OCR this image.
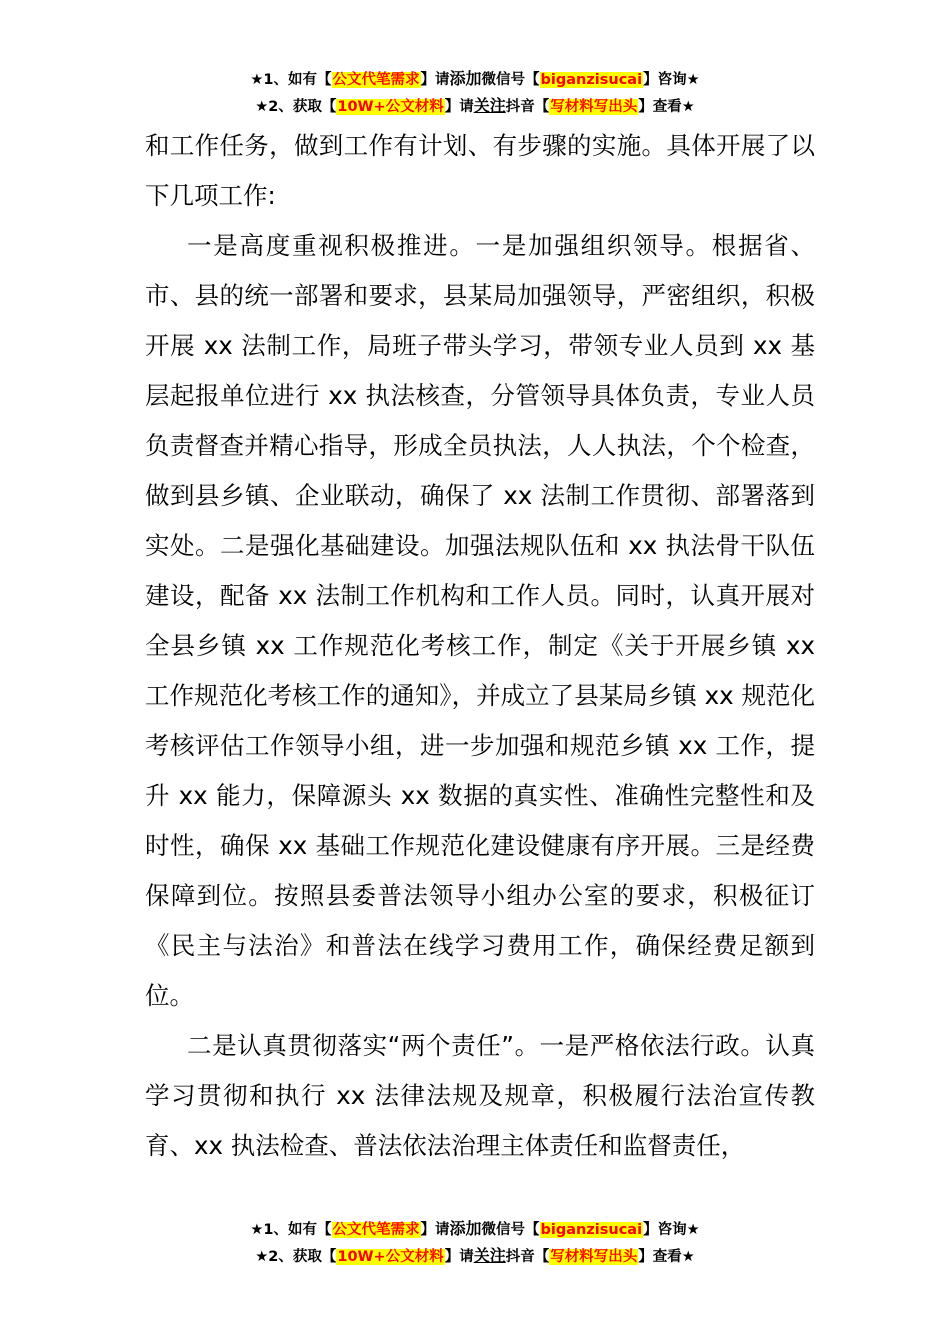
★1、如有【公文代笔需求】请添加微信号【biganzisucai】咨询★
★2、获取【10W+公文材料】请关注抖音【写材料写出头】查看★

和工作任务，做到工作有计划、有步骤的实施。具体开展了以下几项工作:

一是高度重视积极推进。一是加强组织领导。根据省、市、县的统一部署和要求，县某局加强领导，严密组织，积极开展 xx 法制工作，局班子带头学习，带领专业人员到 xx 基层起报单位进行 xx 执法核查，分管领导具体负责，专业人员负责督查并精心指导，形成全员执法，人人执法，个个检查，做到县乡镇、企业联动，确保了 xx 法制工作贯彻、部署落到实处。二是强化基础建设。加强法规队伍和 xx 执法骨干队伍建设，配备 xx 法制工作机构和工作人员。同时，认真开展对全县乡镇 xx 工作规范化考核工作，制定《关于开展乡镇 xx 工作规范化考核工作的通知》，并成立了县某局乡镇 xx 规范化考核评估工作领导小组，进一步加强和规范乡镇 xx 工作，提升 xx 能力，保障源头 xx 数据的真实性、准确性完整性和及时性，确保 xx 基础工作规范化建设健康有序开展。三是经费保障到位。按照县委普法领导小组办公室的要求，积极征订《民主与法治》和普法在线学习费用工作，确保经费足额到位。

二是认真贯彻落实“两个责任”。一是严格依法行政。认真学习贯彻和执行 xx 法律法规及规章，积极履行法治宣传教育、xx 执法检查、普法依法治理主体责任和监督责任，

★1、如有【公文代笔需求】请添加微信号【biganzisucai】咨询★
★2、获取【10W+公文材料】请关注抖音【写材料写出头】查看★
